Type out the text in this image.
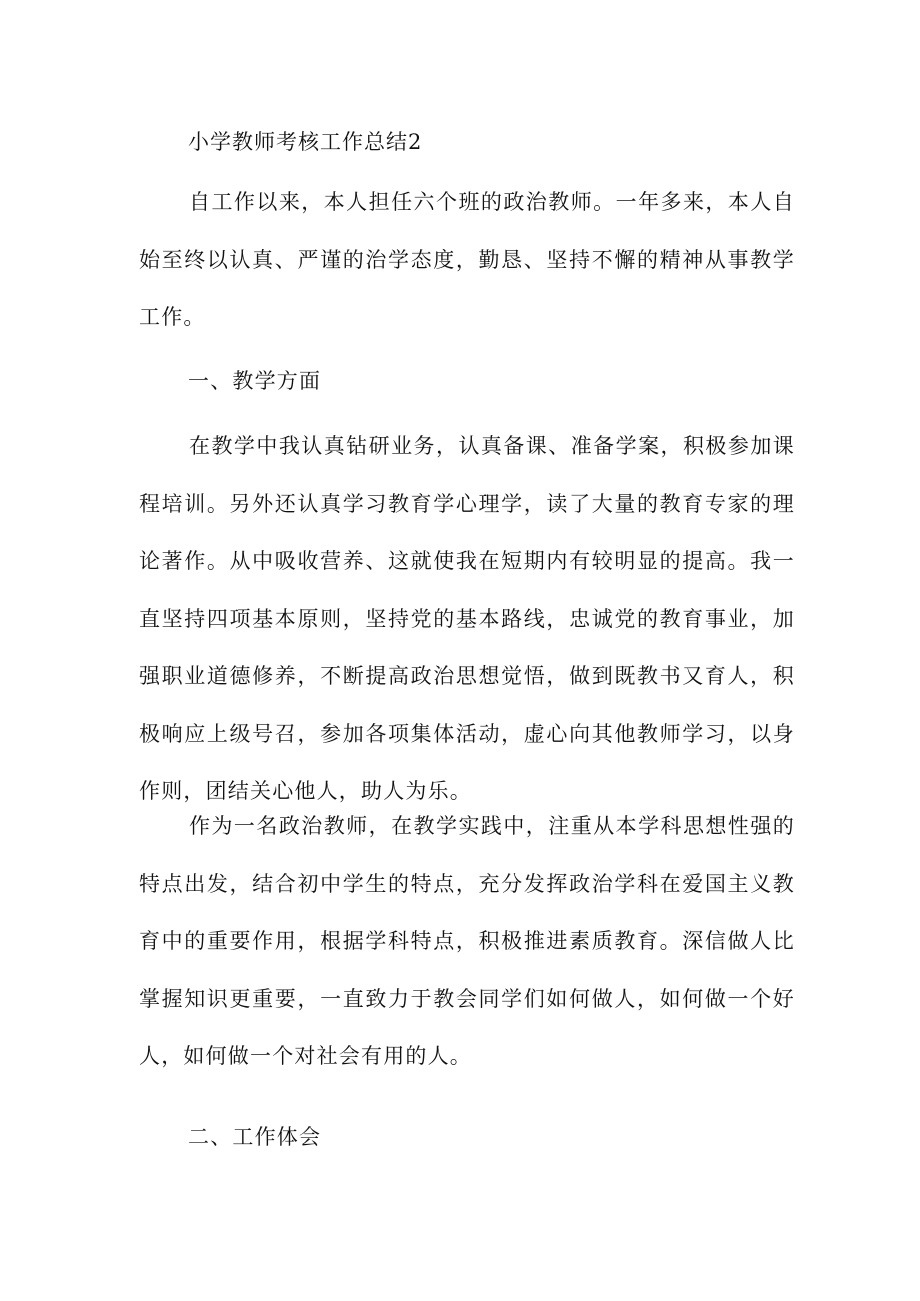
小学教师考核工作总结2

自工作以来，本人担任六个班的政治教师。一年多来，本人自始至终以认真、严谨的治学态度，勤恳、坚持不懈的精神从事教学工作。

一、教学方面

在教学中我认真钻研业务，认真备课、准备学案，积极参加课程培训。另外还认真学习教育学心理学，读了大量的教育专家的理论著作。从中吸收营养、这就使我在短期内有较明显的提高。我一直坚持四项基本原则，坚持党的基本路线，忠诚党的教育事业，加强职业道德修养，不断提高政治思想觉悟，做到既教书又育人，积极响应上级号召，参加各项集体活动，虚心向其他教师学习，以身作则，团结关心他人，助人为乐。

作为一名政治教师，在教学实践中，注重从本学科思想性强的特点出发，结合初中学生的特点，充分发挥政治学科在爱国主义教育中的重要作用，根据学科特点，积极推进素质教育。深信做人比掌握知识更重要，一直致力于教会同学们如何做人，如何做一个好人，如何做一个对社会有用的人。

二、工作体会
